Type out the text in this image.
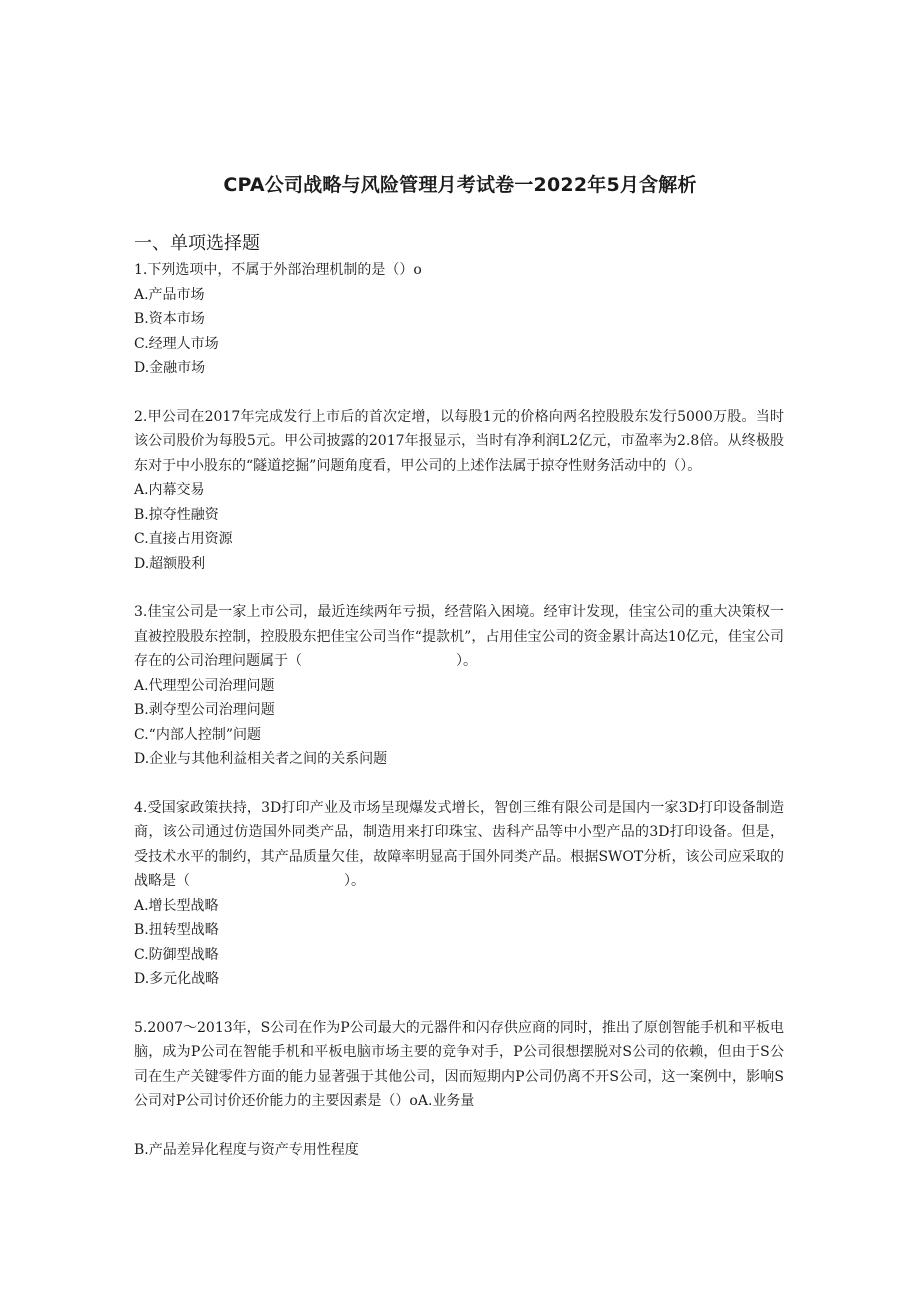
CPA公司战略与风险管理月考试卷一2022年5月含解析

一、单项选择题

1.下列选项中，不属于外部治理机制的是（）o

A.产品市场

B.资本市场

C.经理人市场

D.金融市场

2.甲公司在2017年完成发行上市后的首次定增，以每股1元的价格向两名控股股东发行5000万股。当时该公司股价为每股5元。甲公司披露的2017年报显示，当时有净利润L2亿元，市盈率为2.8倍。从终极股东对于中小股东的“隧道挖掘”问题角度看，甲公司的上述作法属于掠夺性财务活动中的（）。

A.内幕交易

B.掠夺性融资

C.直接占用资源

D.超额股利

3.佳宝公司是一家上市公司，最近连续两年亏损，经营陷入困境。经审计发现，佳宝公司的重大决策权一直被控股股东控制，控股股东把佳宝公司当作“提款机”，占用佳宝公司的资金累计高达10亿元，佳宝公司存在的公司治理问题属于（　　　　　　　　　　　）。

A.代理型公司治理问题

B.剥夺型公司治理问题

C.“内部人控制”问题

D.企业与其他利益相关者之间的关系问题

4.受国家政策扶持，3D打印产业及市场呈现爆发式增长，智创三维有限公司是国内一家3D打印设备制造商，该公司通过仿造国外同类产品，制造用来打印珠宝、齿科产品等中小型产品的3D打印设备。但是，受技术水平的制约，其产品质量欠佳，故障率明显高于国外同类产品。根据SWOT分析，该公司应采取的战略是（　　　　　　　　　　　）。

A.增长型战略

B.扭转型战略

C.防御型战略

D.多元化战略

5.2007～2013年，S公司在作为P公司最大的元器件和闪存供应商的同时，推出了原创智能手机和平板电脑，成为P公司在智能手机和平板电脑市场主要的竞争对手，P公司很想摆脱对S公司的依赖，但由于S公司在生产关键零件方面的能力显著强于其他公司，因而短期内P公司仍离不开S公司，这一案例中，影响S公司对P公司讨价还价能力的主要因素是（）oA.业务量

B.产品差异化程度与资产专用性程度
